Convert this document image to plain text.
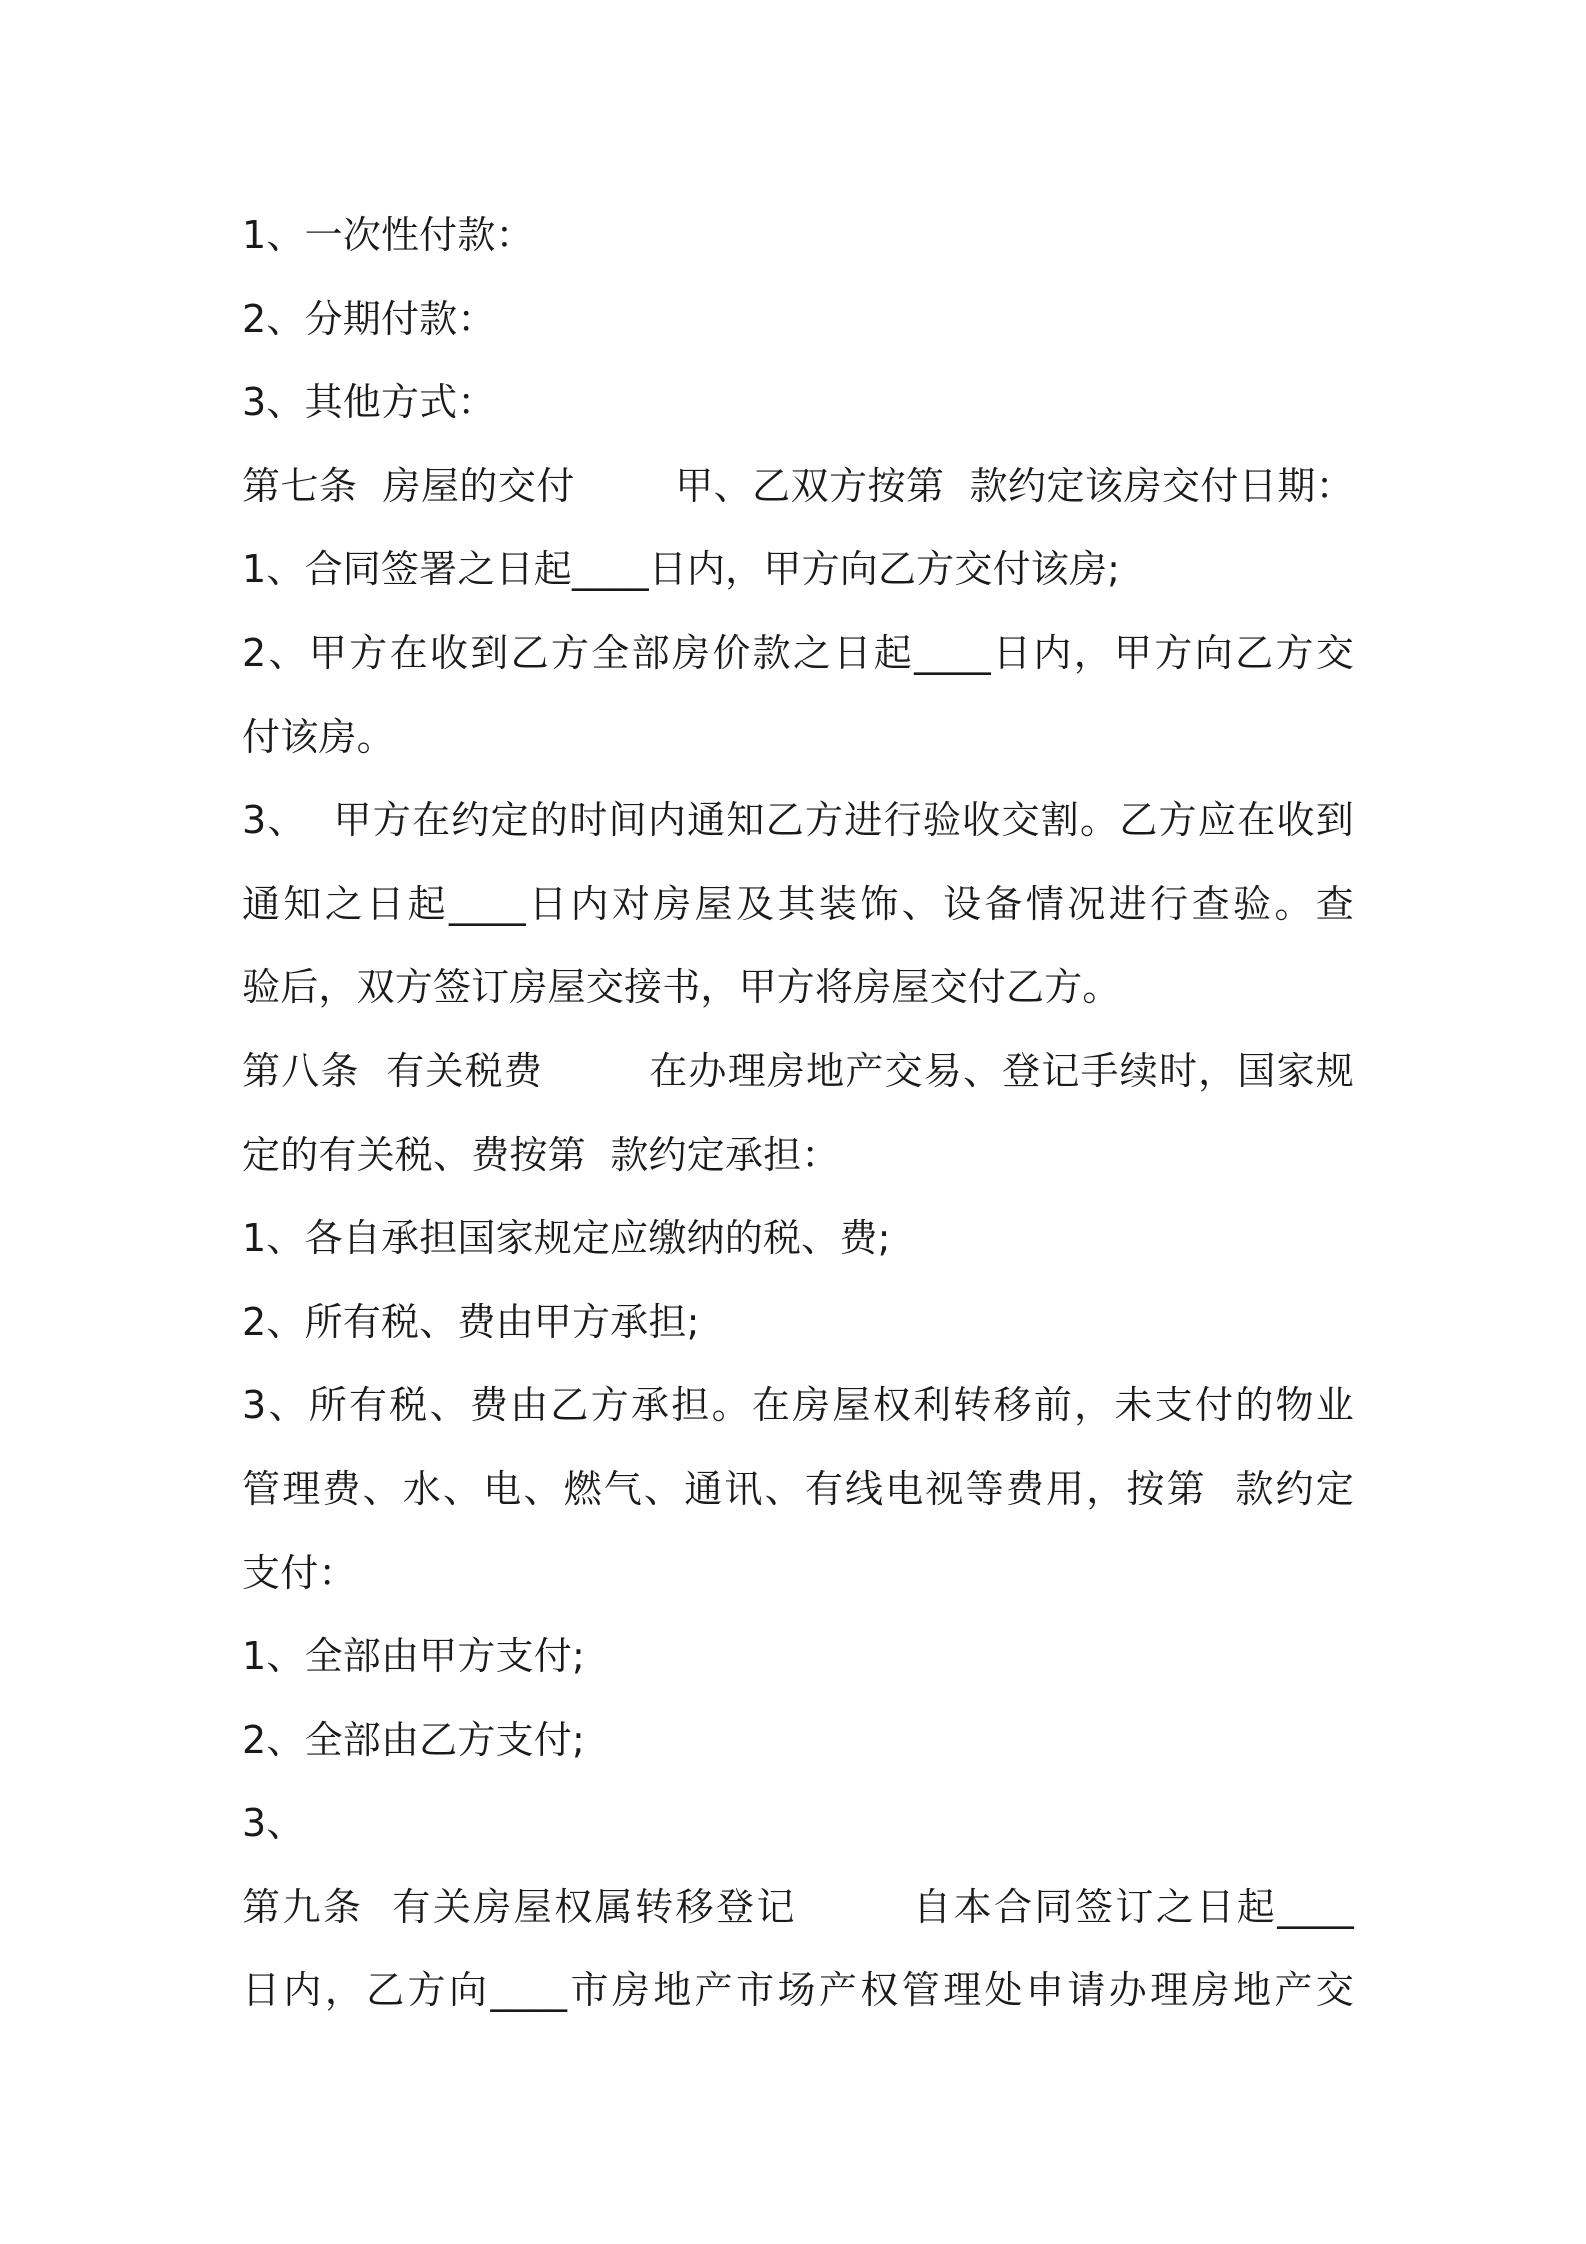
1、一次性付款：
2、分期付款：
3、其他方式：
第七条  房屋的交付        甲、乙双方按第  款约定该房交付日期：
1、合同签署之日起____日内，甲方向乙方交付该房;
2、甲方在收到乙方全部房价款之日起____日内，甲方向乙方交
付该房。
3、  甲方在约定的时间内通知乙方进行验收交割。乙方应在收到
通知之日起____日内对房屋及其装饰、设备情况进行查验。查
验后，双方签订房屋交接书，甲方将房屋交付乙方。
第八条  有关税费        在办理房地产交易、登记手续时，国家规
定的有关税、费按第  款约定承担：
1、各自承担国家规定应缴纳的税、费;
2、所有税、费由甲方承担;
3、所有税、费由乙方承担。在房屋权利转移前，未支付的物业
管理费、水、电、燃气、通讯、有线电视等费用，按第  款约定
支付：
1、全部由甲方支付;
2、全部由乙方支付;
3、
第九条  有关房屋权属转移登记        自本合同签订之日起____
日内，乙方向____市房地产市场产权管理处申请办理房地产交
